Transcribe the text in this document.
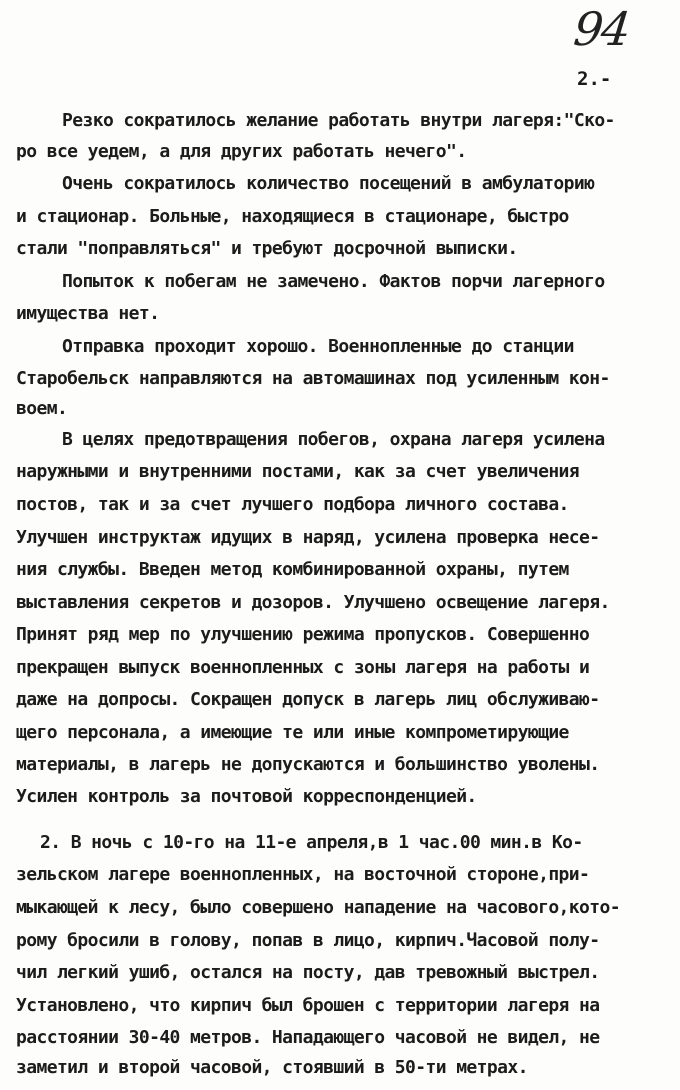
94
2.-
Резко сократилось желание работать внутри лагеря:"Ско-
ро все уедем, а для других работать нечего".
Очень сократилось количество посещений в амбулаторию
и стационар. Больные, находящиеся в стационаре, быстро
стали "поправляться" и требуют досрочной выписки.
Попыток к побегам не замечено. Фактов порчи лагерного
имущества нет.
Отправка проходит хорошо. Военнопленные до станции
Старобельск направляются на автомашинах под усиленным кон-
воем.
В целях предотвращения побегов, охрана лагеря усилена
наружными и внутренними постами, как за счет увеличения
постов, так и за счет лучшего подбора личного состава.
Улучшен инструктаж идущих в наряд, усилена проверка несе-
ния службы. Введен метод комбинированной охраны, путем
выставления секретов и дозоров. Улучшено освещение лагеря.
Принят ряд мер по улучшению режима пропусков. Совершенно
прекращен выпуск военнопленных с зоны лагеря на работы и
даже на допросы. Сокращен допуск в лагерь лиц обслуживаю-
щего персонала, а имеющие те или иные компрометирующие
материалы, в лагерь не допускаются и большинство уволены.
Усилен контроль за почтовой корреспонденцией.
2. В ночь с 10-го на 11-е апреля,в 1 час.00 мин.в Ко-
зельском лагере военнопленных, на восточной стороне,при-
мыкающей к лесу, было совершено нападение на часового,кото-
рому бросили в голову, попав в лицо, кирпич.Часовой полу-
чил легкий ушиб, остался на посту, дав тревожный выстрел.
Установлено, что кирпич был брошен с территории лагеря на
расстоянии 30-40 метров. Нападающего часовой не видел, не
заметил и второй часовой, стоявший в 50-ти метрах.
